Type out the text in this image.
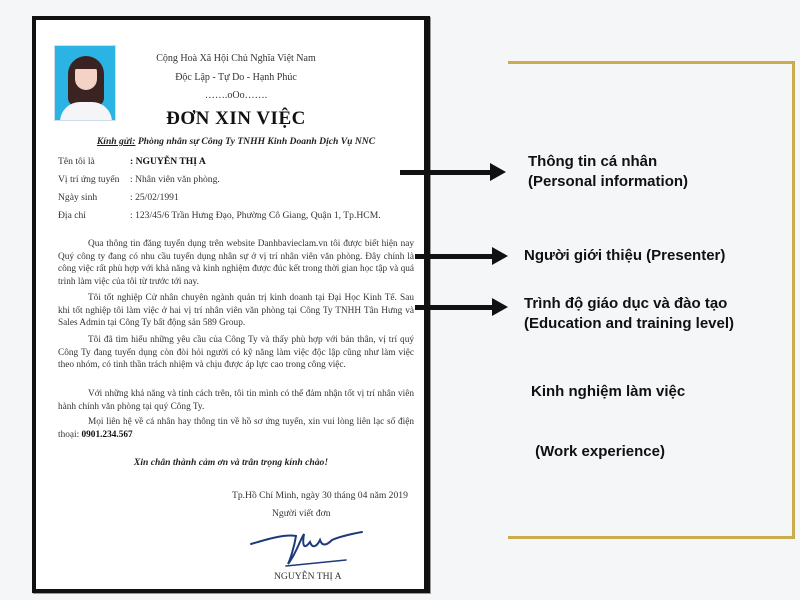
Cộng Hoà Xã Hội Chủ Nghĩa Việt Nam
Độc Lập - Tự Do - Hạnh Phúc
…….oOo…….
ĐƠN XIN VIỆC
Kính gửi: Phòng nhân sự Công Ty TNHH Kinh Doanh Dịch Vụ NNC
Tên tôi là	: NGUYỄN THỊ A
Vị trí ứng tuyển : Nhân viên văn phòng.
Ngày sinh	: 25/02/1991
Địa chỉ	: 123/45/6 Trần Hưng Đạo, Phường Cô Giang, Quận 1, Tp.HCM.
Qua thông tin đăng tuyển dụng trên website Danhbavieclam.vn tôi được biết hiện nay Quý công ty đang có nhu cầu tuyển dụng nhân sự ở vị trí nhân viên văn phòng. Đây chính là công việc rất phù hợp với khả năng và kinh nghiệm được đúc kết trong thời gian học tập và quá trình làm việc của tôi từ trước tới nay.
Tôi tốt nghiệp Cử nhân chuyên ngành quản trị kinh doanh tại Đại Học Kinh Tế. Sau khi tốt nghiệp tôi làm việc ở hai vị trí nhân viên văn phòng tại Công Ty TNHH Tân Hưng và Sales Admin tại Công Ty bất động sản 589 Group.
Tôi đã tìm hiểu những yêu cầu của Công Ty và thấy phù hợp với bản thân, vị trí quý Công Ty đang tuyển dụng còn đòi hỏi người có kỹ năng làm việc độc lập cũng như làm việc theo nhóm, có tinh thần trách nhiệm và chịu được áp lực cao trong công việc.
Với những khả năng và tính cách trên, tôi tin mình có thể đảm nhận tốt vị trí nhân viên hành chính văn phòng tại quý Công Ty.
Mọi liên hệ về cá nhân hay thông tin về hồ sơ ứng tuyển, xin vui lòng liên lạc số điện thoại: 0901.234.567
Xin chân thành cảm ơn và trân trọng kính chào!
Tp.Hồ Chí Minh, ngày 30 tháng 04 năm 2019
Người viết đơn
NGUYỄN THỊ A
Thông tin cá nhân
(Personal information)
Người giới thiệu (Presenter)
Trình độ giáo dục và đào tạo
(Education and training level)

Kinh nghiệm làm việc

(Work experience)
